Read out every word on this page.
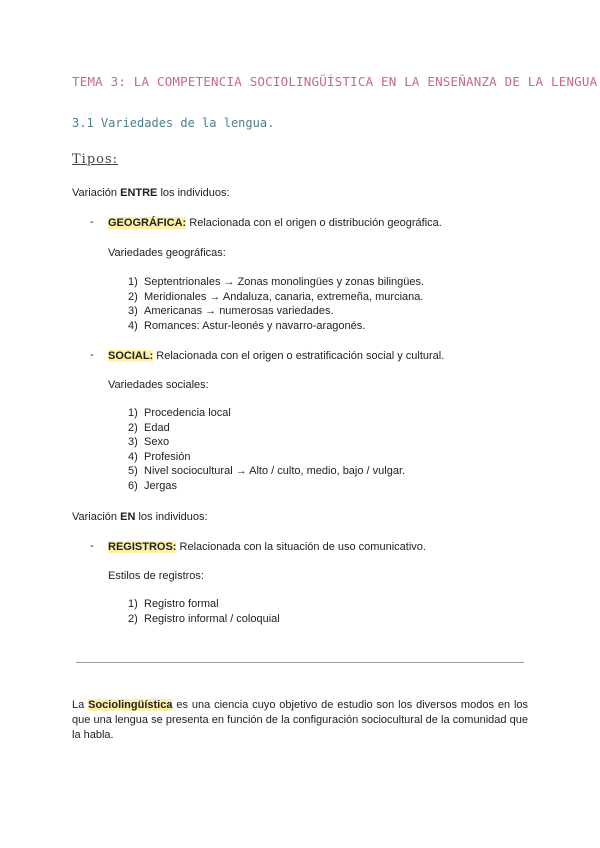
TEMA 3: LA COMPETENCIA SOCIOLINGÜÍSTICA EN LA ENSEÑANZA DE LA LENGUA
3.1 Variedades de la lengua.
Tipos:
Variación ENTRE los individuos:
- GEOGRÁFICA: Relacionada con el origen o distribución geográfica.
Variedades geográficas:
1) Septentrionales → Zonas monolingües y zonas bilingües.
2) Meridionales → Andaluza, canaria, extremeña, murciana.
3) Americanas → numerosas variedades.
4) Romances: Astur-leonés y navarro-aragonés.
- SOCIAL: Relacionada con el origen o estratificación social y cultural.
Variedades sociales:
1) Procedencia local
2) Edad
3) Sexo
4) Profesión
5) Nivel sociocultural → Alto / culto, medio, bajo / vulgar.
6) Jergas
Variación EN los individuos:
- REGISTROS: Relacionada con la situación de uso comunicativo.
Estilos de registros:
1) Registro formal
2) Registro informal / coloquial
La Sociolingüística es una ciencia cuyo objetivo de estudio son los diversos modos en los que una lengua se presenta en función de la configuración sociocultural de la comunidad que la habla.
